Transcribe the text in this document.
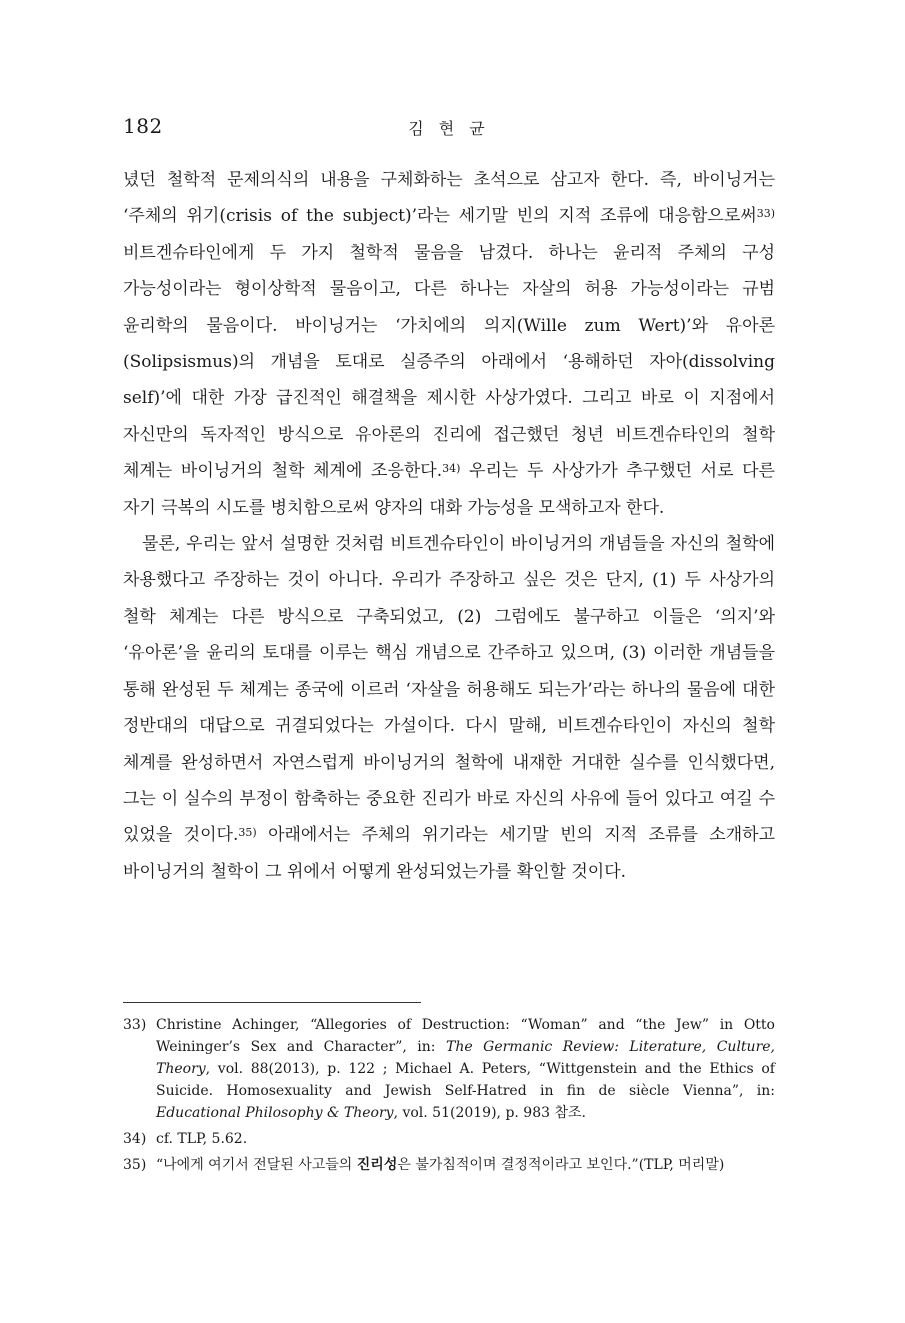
182	김 현 균

녔던 철학적 문제의식의 내용을 구체화하는 초석으로 삼고자 한다. 즉, 바이닝거는 ‘주체의 위기(crisis of the subject)’라는 세기말 빈의 지적 조류에 대응함으로써$^{33)}$ 비트겐슈타인에게 두 가지 철학적 물음을 남겼다. 하나는 윤리적 주체의 구성 가능성이라는 형이상학적 물음이고, 다른 하나는 자살의 허용 가능성이라는 규범 윤리학의 물음이다. 바이닝거는 ‘가치에의 의지(Wille zum Wert)’와 유아론(Solipsismus)의 개념을 토대로 실증주의 아래에서 ‘용해하던 자아(dissolving self)’에 대한 가장 급진적인 해결책을 제시한 사상가였다. 그리고 바로 이 지점에서 자신만의 독자적인 방식으로 유아론의 진리에 접근했던 청년 비트겐슈타인의 철학 체계는 바이닝거의 철학 체계에 조응한다.$^{34)}$ 우리는 두 사상가가 추구했던 서로 다른 자기 극복의 시도를 병치함으로써 양자의 대화 가능성을 모색하고자 한다.

물론, 우리는 앞서 설명한 것처럼 비트겐슈타인이 바이닝거의 개념들을 자신의 철학에 차용했다고 주장하는 것이 아니다. 우리가 주장하고 싶은 것은 단지, (1) 두 사상가의 철학 체계는 다른 방식으로 구축되었고, (2) 그럼에도 불구하고 이들은 ‘의지’와 ‘유아론’을 윤리의 토대를 이루는 핵심 개념으로 간주하고 있으며, (3) 이러한 개념들을 통해 완성된 두 체계는 종국에 이르러 ‘자살을 허용해도 되는가’라는 하나의 물음에 대한 정반대의 대답으로 귀결되었다는 가설이다. 다시 말해, 비트겐슈타인이 자신의 철학 체계를 완성하면서 자연스럽게 바이닝거의 철학에 내재한 거대한 실수를 인식했다면, 그는 이 실수의 부정이 함축하는 중요한 진리가 바로 자신의 사유에 들어 있다고 여길 수 있었을 것이다.$^{35)}$ 아래에서는 주체의 위기라는 세기말 빈의 지적 조류를 소개하고 바이닝거의 철학이 그 위에서 어떻게 완성되었는가를 확인할 것이다.

33) Christine Achinger, “Allegories of Destruction: “Woman” and “the Jew” in Otto Weininger’s Sex and Character”, in: The Germanic Review: Literature, Culture, Theory, vol. 88(2013), p. 122 ; Michael A. Peters, “Wittgenstein and the Ethics of Suicide. Homosexuality and Jewish Self-Hatred in fin de siècle Vienna”, in: Educational Philosophy & Theory, vol. 51(2019), p. 983 참조.
34) cf. TLP, 5.62.
35) “나에게 여기서 전달된 사고들의 진리성은 불가침적이며 결정적이라고 보인다.”(TLP, 머리말)
